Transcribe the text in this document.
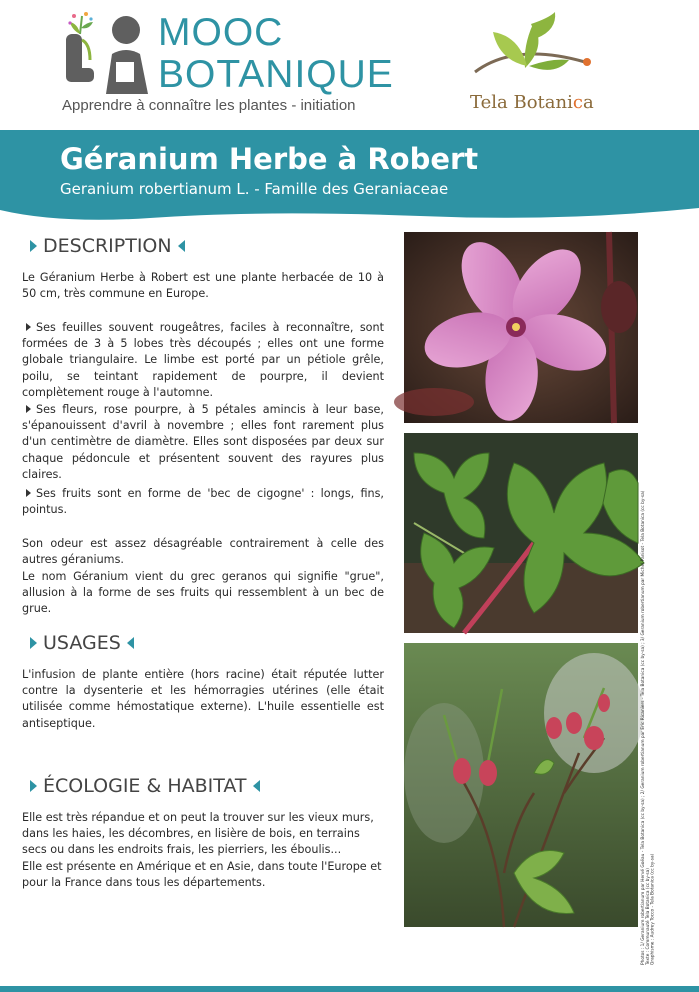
MOOC
BOTANIQUE
Apprendre à connaître les plantes - initiation	Tela Botanica
Géranium Herbe à Robert
Geranium robertianum L. - Famille des Geraniaceae
DESCRIPTION

Le Géranium Herbe à Robert est une plante herbacée de 10 à 50 cm, très commune en Europe.

Ses feuilles souvent rougeâtres, faciles à reconnaître, sont formées de 3 à 5 lobes très découpés ; elles ont une forme globale triangulaire. Le limbe est porté par un pétiole grêle, poilu, se teintant rapidement de pourpre, il devient complètement rouge à l'automne.

Ses fleurs, rose pourpre, à 5 pétales amincis à leur base, s'épanouissent d'avril à novembre ; elles font rarement plus d'un centimètre de diamètre. Elles sont disposées par deux sur chaque pédoncule et présentent souvent des rayures plus claires.

Ses fruits sont en forme de 'bec de cigogne' : longs, fins, pointus.

Son odeur est assez désagréable contrairement à celle des autres géraniums.

Le nom Géranium vient du grec geranos qui signifie "grue", allusion à la forme de ses fruits qui ressemblent à un bec de grue.

USAGES

L'infusion de plante entière (hors racine) était réputée lutter contre la dysenterie et les hémorragies utérines (elle était utilisée comme hémostatique externe). L'huile essentielle est antiseptique.

ÉCOLOGIE & HABITAT

Elle est très répandue et on peut la trouver sur les vieux murs, dans les haies, les décombres, en lisière de bois, en terrains secs ou dans les endroits frais, les pierriers, les éboulis...

Elle est présente en Amérique et en Asie, dans toute l'Europe et pour la France dans tous les départements.	Photos : 1/ Geranium robertianum par Hervé Goëau - Tela Botanica (cc by-sa) ; 2/ Geranium robertianum par Eric Ricaniers - Tela Botanica (cc by-sa) ; 3/ Geranium robertianum par Michel Panisot - Tela Botanica (cc by-sa) Texte : Communauté Tela Botanica (cc by-sa) Graphisme : Audrey Tocco - Tela Botanica (cc by-sa)
